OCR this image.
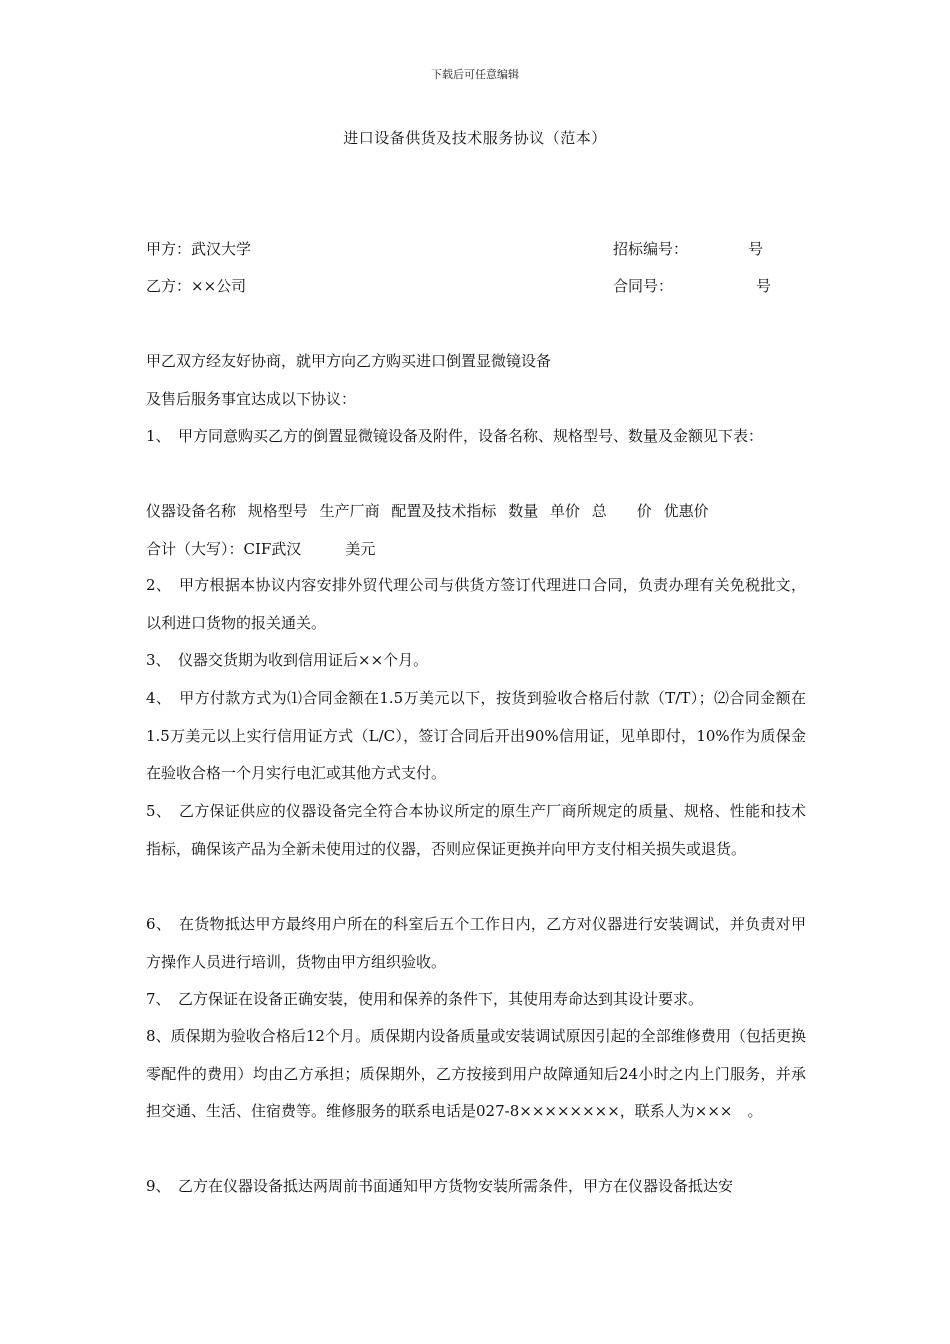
下载后可任意编辑
进口设备供货及技术服务协议（范本）
甲方：武汉大学	招标编号：	号
乙方：××公司	合同号：	号
甲乙双方经友好协商，就甲方向乙方购买进口倒置显微镜设备
及售后服务事宜达成以下协议：
1、　甲方同意购买乙方的倒置显微镜设备及附件，设备名称、规格型号、数量及金额见下表：
仪器设备名称 规格型号 生产厂商 配置及技术指标 数量 单价 总　　价 优惠价
合计（大写）：CIF武汉	美元
2、　甲方根据本协议内容安排外贸代理公司与供货方签订代理进口合同，负责办理有关免税批文，以利进口货物的报关通关。
3、　仪器交货期为收到信用证后××个月。
4、　甲方付款方式为⑴合同金额在1.5万美元以下，按货到验收合格后付款（T/T）；⑵合同金额在1.5万美元以上实行信用证方式（L/C），签订合同后开出90%信用证，见单即付，10%作为质保金在验收合格一个月实行电汇或其他方式支付。
5、　乙方保证供应的仪器设备完全符合本协议所定的原生产厂商所规定的质量、规格、性能和技术指标，确保该产品为全新未使用过的仪器，否则应保证更换并向甲方支付相关损失或退货。
6、　在货物抵达甲方最终用户所在的科室后五个工作日内，乙方对仪器进行安装调试，并负责对甲方操作人员进行培训，货物由甲方组织验收。
7、　乙方保证在设备正确安装，使用和保养的条件下，其使用寿命达到其设计要求。
8、质保期为验收合格后12个月。质保期内设备质量或安装调试原因引起的全部维修费用（包括更换零配件的费用）均由乙方承担；质保期外，乙方按接到用户故障通知后24小时之内上门服务，并承担交通、生活、住宿费等。维修服务的联系电话是027-8××××××××，联系人为×××　。
9、　乙方在仪器设备抵达两周前书面通知甲方货物安装所需条件，甲方在仪器设备抵达安
